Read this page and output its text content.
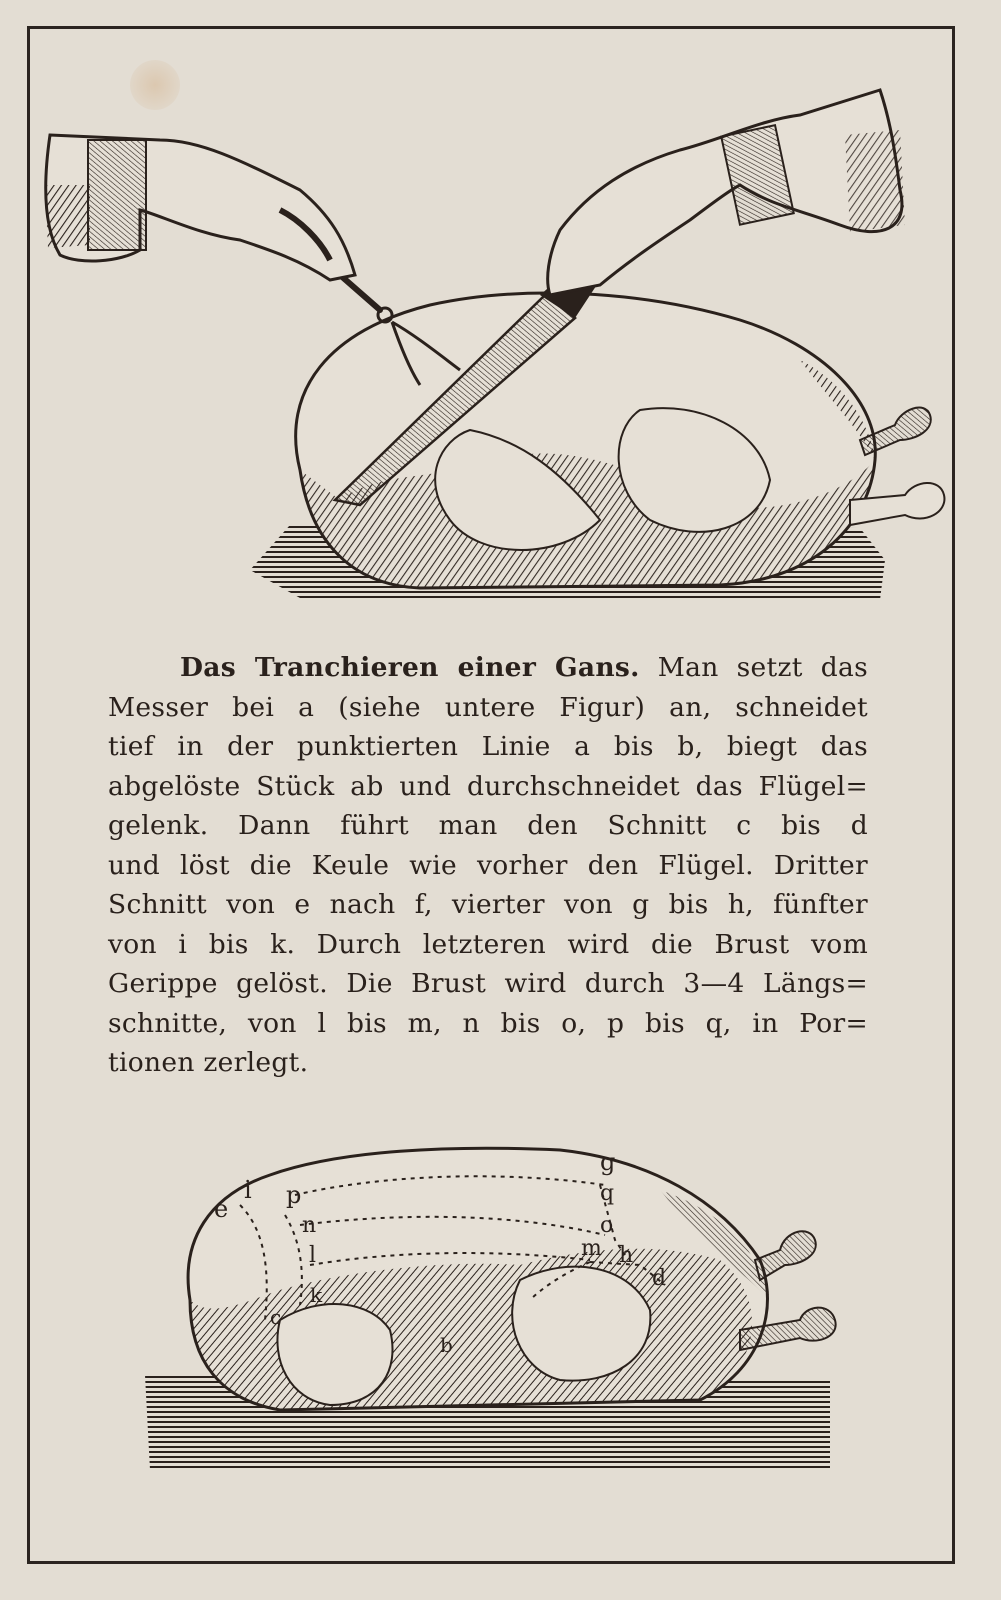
Das Tranchieren einer Gans. Man setzt das
Messer bei a (siehe untere Figur) an, schneidet
tief in der punktierten Linie a bis b, biegt das
abgelöste Stück ab und durchschneidet das Flügel=
gelenk. Dann führt man den Schnitt c bis d
und löst die Keule wie vorher den Flügel. Dritter
Schnitt von e nach f, vierter von g bis h, fünfter
von i bis k. Durch letzteren wird die Brust vom
Gerippe gelöst. Die Brust wird durch 3—4 Längs=
schnitte, von l bis m, n bis o, p bis q, in Por=
tionen zerlegt.
e
i p
n
l
k
c
b
g
q
o
m h
d
